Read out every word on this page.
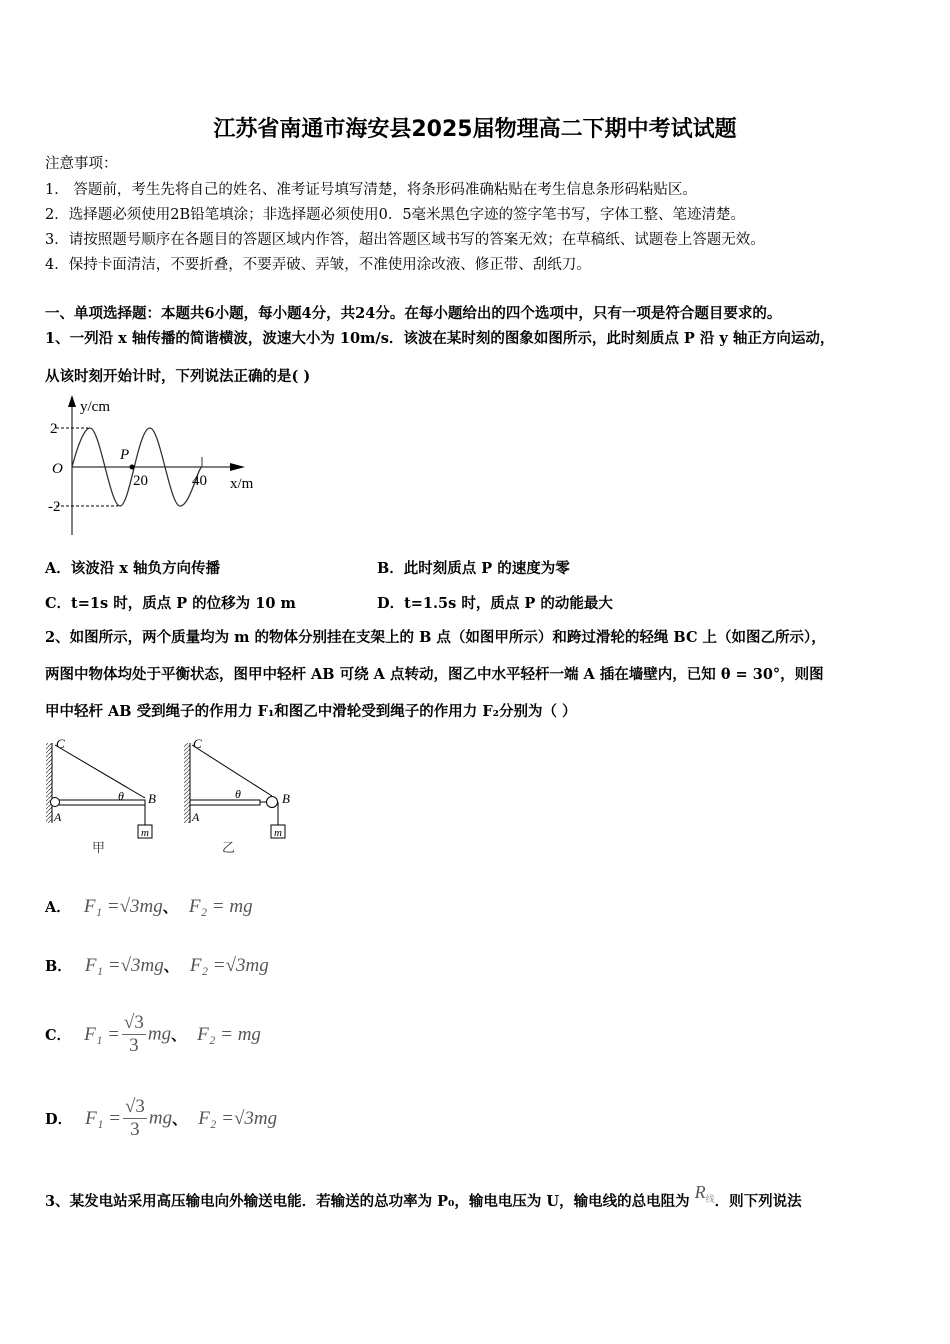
江苏省南通市海安县2025届物理高二下期中考试试题
注意事项：
1． 答题前，考生先将自己的姓名、准考证号填写清楚，将条形码准确粘贴在考生信息条形码粘贴区。
2．选择题必须使用2B铅笔填涂；非选择题必须使用0．5毫米黑色字迹的签字笔书写，字体工整、笔迹清楚。
3．请按照题号顺序在各题目的答题区域内作答，超出答题区域书写的答案无效；在草稿纸、试题卷上答题无效。
4．保持卡面清洁，不要折叠，不要弄破、弄皱，不准使用涂改液、修正带、刮纸刀。
一、单项选择题：本题共6小题，每小题4分，共24分。在每小题给出的四个选项中，只有一项是符合题目要求的。
1、一列沿 x 轴传播的简谐横波，波速大小为 10m/s．该波在某时刻的图象如图所示，此时刻质点 P 沿 y 轴正方向运动，
从该时刻开始计时，下列说法正确的是( )
y/cm
2
-2
O
P
20	40 x/m
A．该波沿 x 轴负方向传播	B．此时刻质点 P 的速度为零
C．t=1s 时，质点 P 的位移为 10 m	D．t=1.5s 时，质点 P 的动能最大
2、如图所示，两个质量均为 m 的物体分别挂在支架上的 B 点（如图甲所示）和跨过滑轮的轻绳 BC 上（如图乙所示），
两图中物体均处于平衡状态，图甲中轻杆 AB 可绕 A 点转动，图乙中水平轻杆一端 A 插在墙壁内，已知 θ = 30°，则图
甲中轻杆 AB 受到绳子的作用力 F₁和图乙中滑轮受到绳子的作用力 F₂分别为（ ）
C
A
B
θ
m
甲
C
A
B
θ
m
乙
A． F₁ =√3mg、 F₂ = mg
B． F₁ =√3mg、 F₂ =√3mg
C． $F_1 = \frac{√3}{3}$ mg、 F₂ = mg
D． $F_1 = \frac{√3}{3}$ mg、 F₂ =√3mg
3、某发电站采用高压输电向外输送电能．若输送的总功率为 P₀，输电电压为 U，输电线的总电阻为 $R^线$．则下列说法
